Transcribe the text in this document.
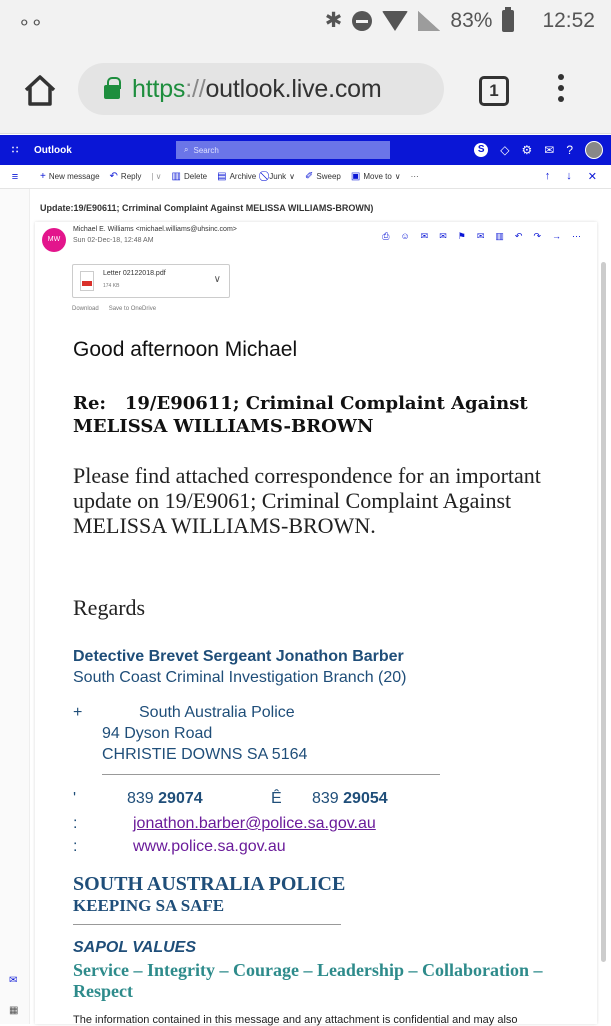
∘∘	✱	83% 12:52
https://outlook.live.com	1
∷	Outlook	⌕ Search	S	◇ ⚙ ✉ ?
≡	+ New message ↶ Reply | ∨ ▥ Delete ▤ Archive Junk ∨ ✐ Sweep ▣ Move to ∨ ···	↑ ↓ ✕
✉
▦
Update:19/E90611; Crriminal Complaint Against MELISSA WILLIAMS-BROWN)
MW
Michael E. Williams <michael.williams@uhsinc.com>
Sun 02-Dec-18, 12:48 AM	⎙ ☺ ✉ ✉ ⚑ ✉ ▥ ↶ ↷ → ⋯
Letter 02122018.pdf
174 KB
∨
Download Save to OneDrive
Good afternoon Michael
Re:   19/E90611; Criminal Complaint Against MELISSA WILLIAMS-BROWN
Please find attached correspondence for an important update on 19/E9061; Criminal Complaint Against MELISSA WILLIAMS-BROWN.
Regards
Detective Brevet Sergeant Jonathon Barber
South Coast Criminal Investigation Branch (20)
+	South Australia Police
94 Dyson Road
CHRISTIE DOWNS SA 5164
'	839 29074	Ê 839 29054
:	jonathon.barber@police.sa.gov.au
:	www.police.sa.gov.au
SOUTH AUSTRALIA POLICE
KEEPING SA SAFE
SAPOL VALUES
Service – Integrity – Courage – Leadership – Collaboration – Respect
The information contained in this message and any attachment is confidential and may also
